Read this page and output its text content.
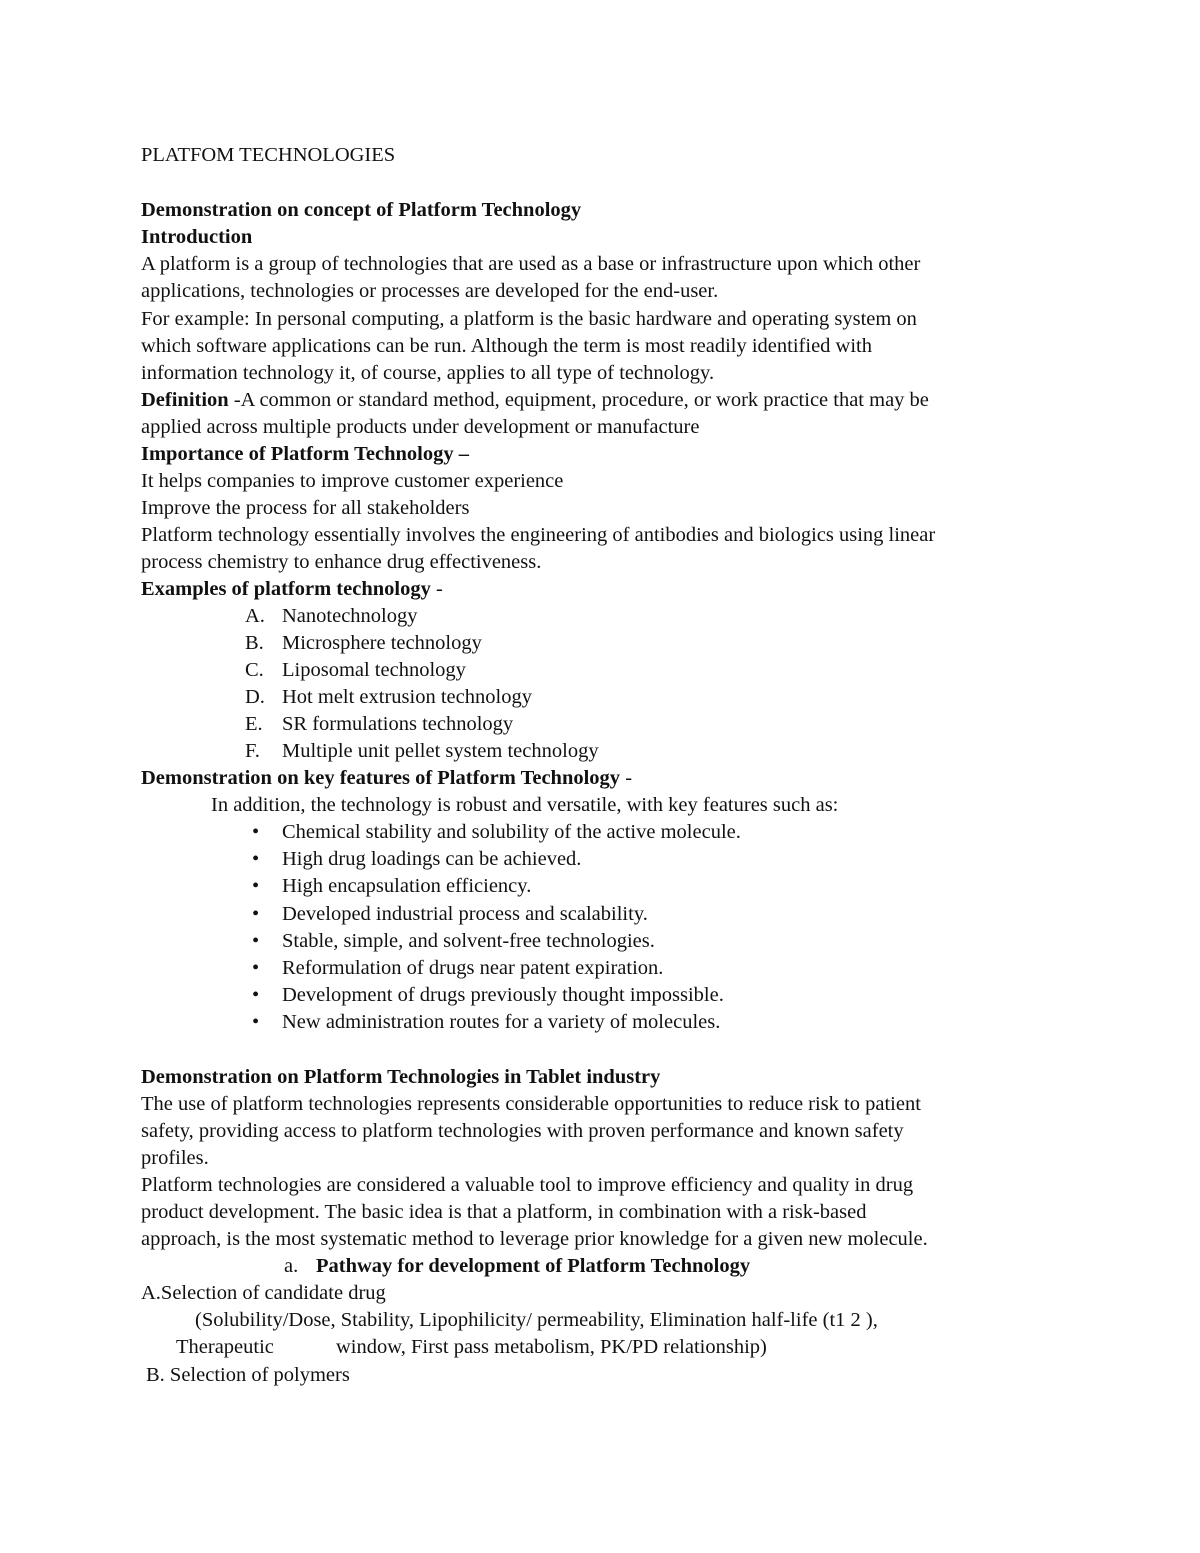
PLATFOM TECHNOLOGIES
Demonstration on concept of Platform Technology
Introduction
A platform is a group of technologies that are used as a base or infrastructure upon which other
applications, technologies or processes are developed for the end-user.
For example: In personal computing, a platform is the basic hardware and operating system on
which software applications can be run. Although the term is most readily identified with
information technology it, of course, applies to all type of technology.
Definition -A common or standard method, equipment, procedure, or work practice that may be
applied across multiple products under development or manufacture
Importance of Platform Technology –
It helps companies to improve customer experience
Improve the process for all stakeholders
Platform technology essentially involves the engineering of antibodies and biologics using linear
process chemistry to enhance drug effectiveness.
Examples of platform technology -
A. Nanotechnology
B. Microsphere technology
C. Liposomal technology
D. Hot melt extrusion technology
E. SR formulations technology
F. Multiple unit pellet system technology
Demonstration on key features of Platform Technology -
In addition, the technology is robust and versatile, with key features such as:
• Chemical stability and solubility of the active molecule.
• High drug loadings can be achieved.
• High encapsulation efficiency.
• Developed industrial process and scalability.
• Stable, simple, and solvent-free technologies.
• Reformulation of drugs near patent expiration.
• Development of drugs previously thought impossible.
• New administration routes for a variety of molecules.
Demonstration on Platform Technologies in Tablet industry
The use of platform technologies represents considerable opportunities to reduce risk to patient
safety, providing access to platform technologies with proven performance and known safety
profiles.
Platform technologies are considered a valuable tool to improve efficiency and quality in drug
product development. The basic idea is that a platform, in combination with a risk-based
approach, is the most systematic method to leverage prior knowledge for a given new molecule.
a. Pathway for development of Platform Technology
A.Selection of candidate drug
(Solubility/Dose, Stability, Lipophilicity/ permeability, Elimination half-life (t1 2 ),
Therapeutic	window, First pass metabolism, PK/PD relationship)
B. Selection of polymers
